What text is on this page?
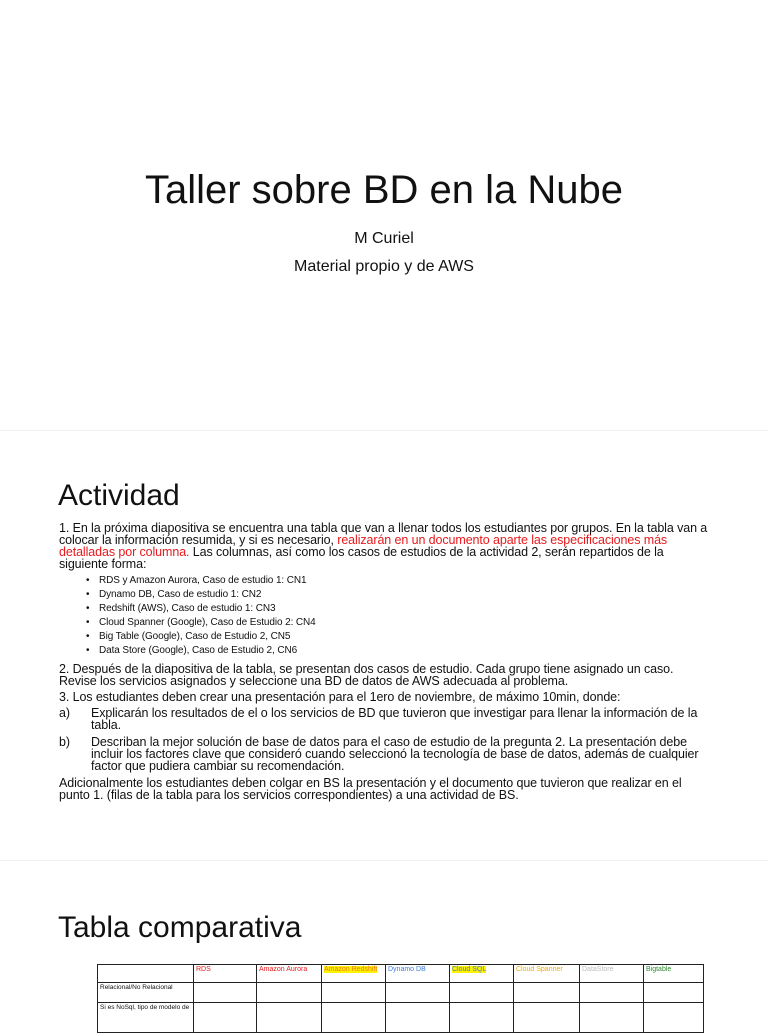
Taller sobre BD en la Nube
M Curiel
Material propio y de AWS
Actividad

1. En la próxima diapositiva se encuentra una tabla que van a llenar todos los estudiantes por grupos. En la tabla van a colocar la información resumida, y si es necesario, realizarán en un documento aparte las especificaciones más detalladas por columna. Las columnas, así como los casos de estudios de la actividad 2, serán repartidos de la siguiente forma:

• RDS y Amazon Aurora, Caso de estudio 1: CN1
• Dynamo DB, Caso de estudio 1: CN2
• Redshift (AWS), Caso de estudio 1: CN3
• Cloud Spanner (Google), Caso de Estudio 2: CN4
• Big Table (Google), Caso de Estudio 2, CN5
• Data Store (Google), Caso de Estudio 2, CN6

2. Después de la diapositiva de la tabla, se presentan dos casos de estudio. Cada grupo tiene asignado un caso. Revise los servicios asignados y seleccione una BD de datos de AWS adecuada al problema.

3. Los estudiantes deben crear una presentación para el 1ero de noviembre, de máximo 10min, donde:

a)	Explicarán los resultados de el o los servicios de BD que tuvieron que investigar para llenar la información de la tabla.
b)	Describan la mejor solución de base de datos para el caso de estudio de la pregunta 2. La presentación debe incluir los factores clave que consideró cuando seleccionó la tecnología de base de datos, además de cualquier factor que pudiera cambiar su recomendación.

Adicionalmente los estudiantes deben colgar en BS la presentación y el documento que tuvieron que realizar en el punto 1. (filas de la tabla para los servicios correspondientes) a una actividad de BS.

Tabla comparativa
	RDS	Amazon Aurora	Amazon Redshift	Dynamo DB	Cloud SQL	Cloud Spanner	DataStore	Bigtable
Relacional/No Relacional								
Si es NoSql, tipo de modelo de								
